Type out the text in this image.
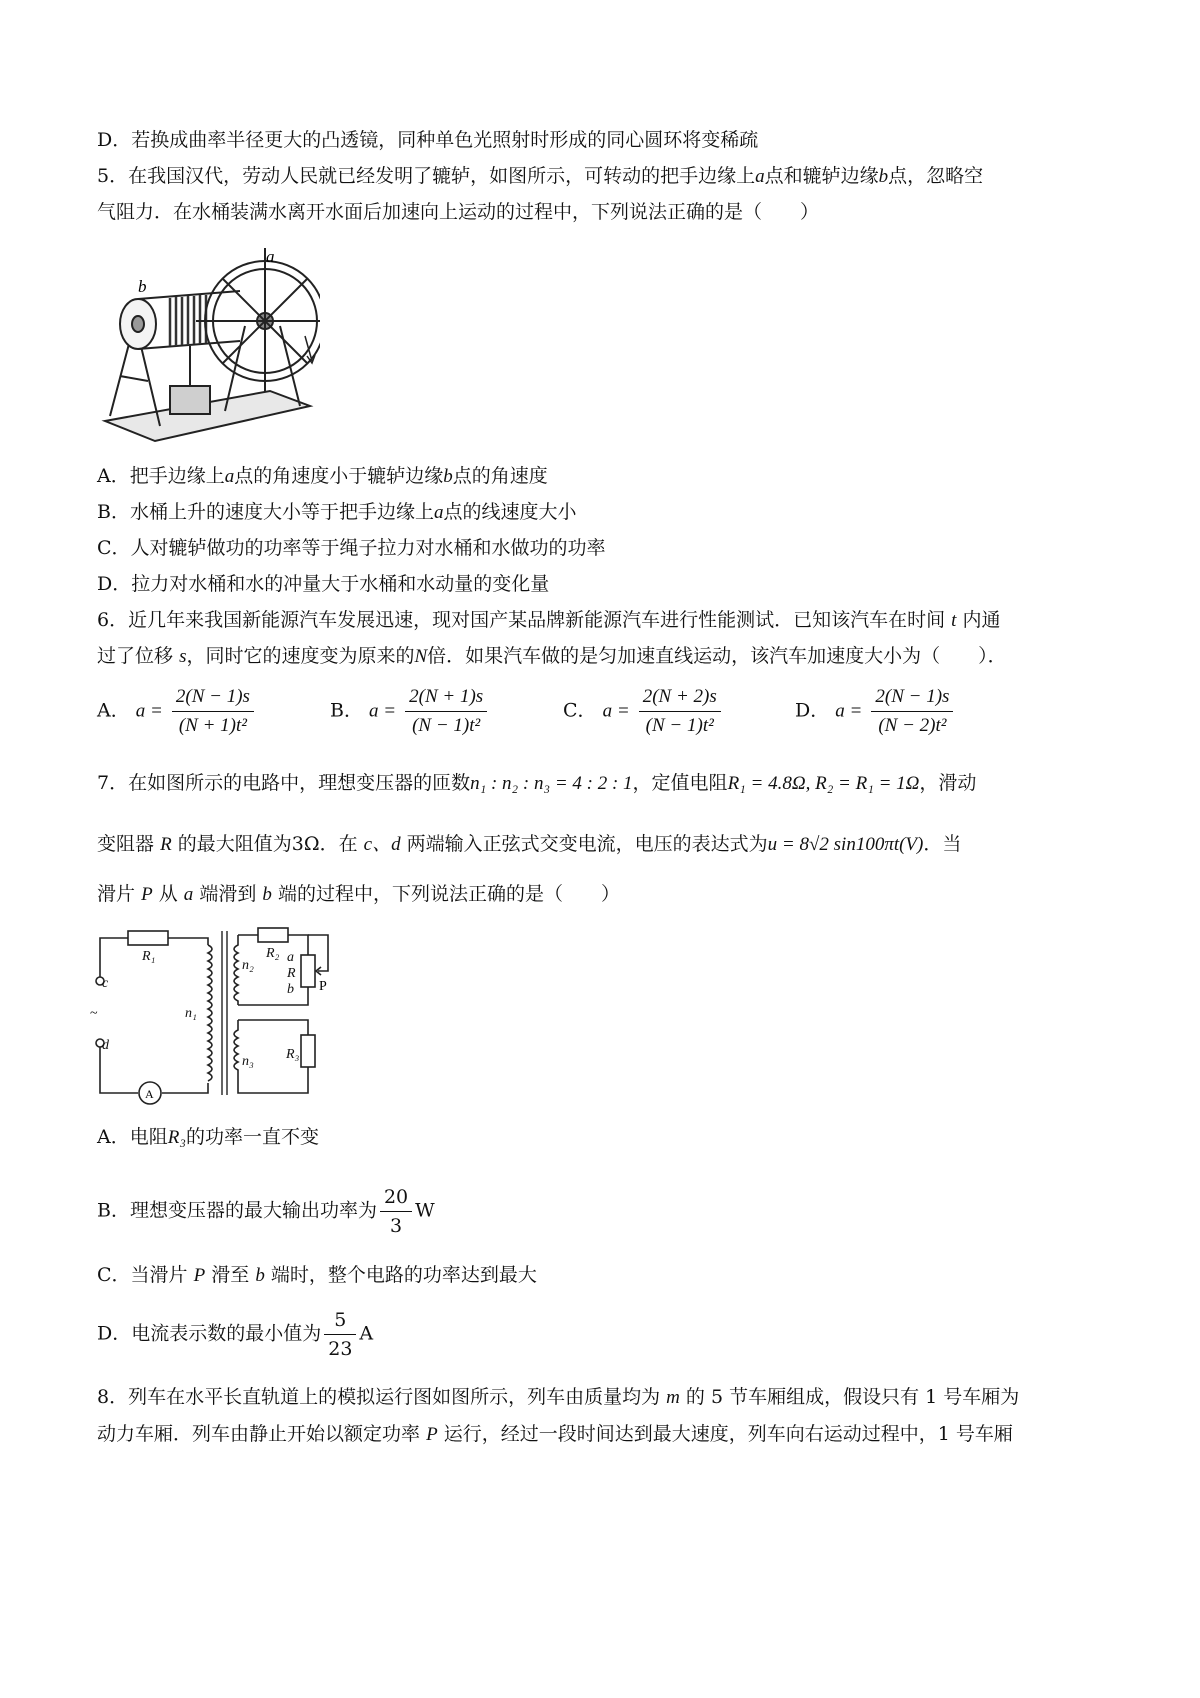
D．若换成曲率半径更大的凸透镜，同种单色光照射时形成的同心圆环将变稀疏
5．在我国汉代，劳动人民就已经发明了辘轳，如图所示，可转动的把手边缘上a点和辘轳边缘b点，忽略空
气阻力．在水桶装满水离开水面后加速向上运动的过程中，下列说法正确的是（　　）
a
b
A．把手边缘上a点的角速度小于辘轳边缘b点的角速度
B．水桶上升的速度大小等于把手边缘上a点的线速度大小
C．人对辘轳做功的功率等于绳子拉力对水桶和水做功的功率
D．拉力对水桶和水的冲量大于水桶和水动量的变化量
6．近几年来我国新能源汽车发展迅速，现对国产某品牌新能源汽车进行性能测试．已知该汽车在时间 t 内通
过了位移 s，同时它的速度变为原来的N倍．如果汽车做的是匀加速直线运动，该汽车加速度大小为（　　）．
A． $a = \frac{2(N - 1)s}{\text{(N + 1)t²}}$	B． $a = \frac{2(N + 1)s}{\text{(N − 1)t²}}$	C． $a = \frac{2(N + 2)s}{\text{(N − 1)t²}}$	D． $a = \frac{2(N - 1)s}{\text{(N − 2)t²}}$
7．在如图所示的电路中，理想变压器的匝数n₁ : n₂ : n₃ = 4 : 2 : 1，定值电阻R₁ = 4.8Ω, R₂ = R₁ = 1Ω，滑动
变阻器 R 的最大阻值为3Ω．在 c、d 两端输入正弦式交变电流，电压的表达式为u = 8√2 sin100πt(V)．当
滑片 P 从 a 端滑到 b 端的过程中，下列说法正确的是（　　）
R₁
c
d
n₁
n₂
n₃
R₂ a
R
b
R₃
~
P
A
A．电阻R₃的功率一直不变
B．理想变压器的最大输出功率为 $\frac{20}{3}$ W
C．当滑片 P 滑至 b 端时，整个电路的功率达到最大
D．电流表示数的最小值为 $\frac{5}{23}$ A
8．列车在水平长直轨道上的模拟运行图如图所示，列车由质量均为 m 的 5 节车厢组成，假设只有 1 号车厢为
动力车厢．列车由静止开始以额定功率 P 运行，经过一段时间达到最大速度，列车向右运动过程中，1 号车厢
